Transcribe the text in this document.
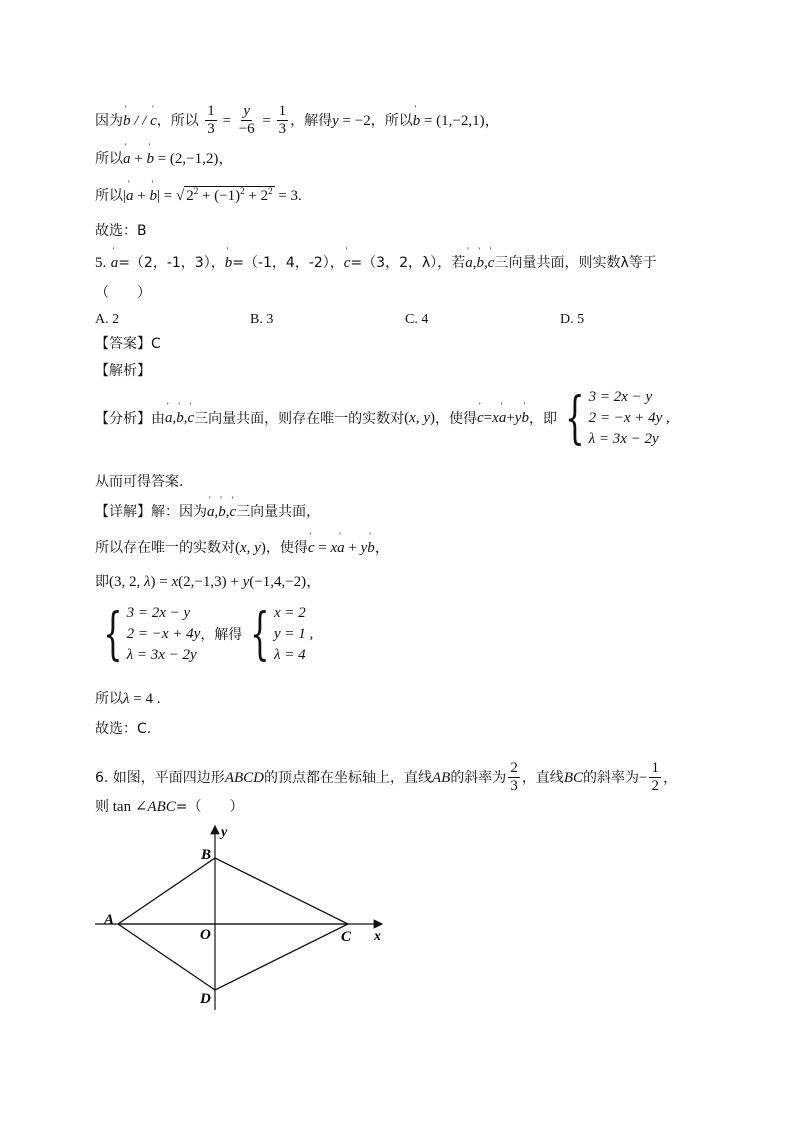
因为' b / / ' c，所以 $\frac{1}{3} = \frac{y}{-6} = \frac{1}{3}$ ，解得y = −2，所以' b = (1,−2,1)，
所以' a + ' b = (2,−1,2)，
所以|' a + ' b| = √ $2^2 + (-1)^2 + 2^2 = 3$.
故选：B
5. ' a=（2，-1，3），' b=（-1，4，-2），' c=（3，2，λ），若' a,' b,' c三向量共面，则实数λ等于
（　　）
A. 2	B. 3	C. 4	D. 5
【答案】C
【解析】
【分析】由 ' a , ' b , ' c 三向量共面，则存在唯一的实数对 ( x, y ) ，使得 ' c = x ' a + y ' b ，即 { 3 = 2x − y
2 = −x + 4y ,
λ = 3x − 2y
从而可得答案.
【详解】解：因为' a,' b,' c三向量共面，
所以存在唯一的实数对(x, y)，使得' c = x' a + y' b，
即(3, 2, λ) = x(2,−1,3) + y(−1,4,−2)，
{ 3 = 2x − y
2 = −x + 4y
λ = 3x − 2y
，解得 { x = 2
y = 1 ,
λ = 4
所以λ = 4 .
故选：C.
6. 如图，平面四边形ABCD的顶点都在坐标轴上，直线AB的斜率为 $\frac{2}{3}$ ，直线BC的斜率为− $\frac{1}{2}$ ，
则 tan ∠ABC=（　　）
A
B
C
D
O	x
y
